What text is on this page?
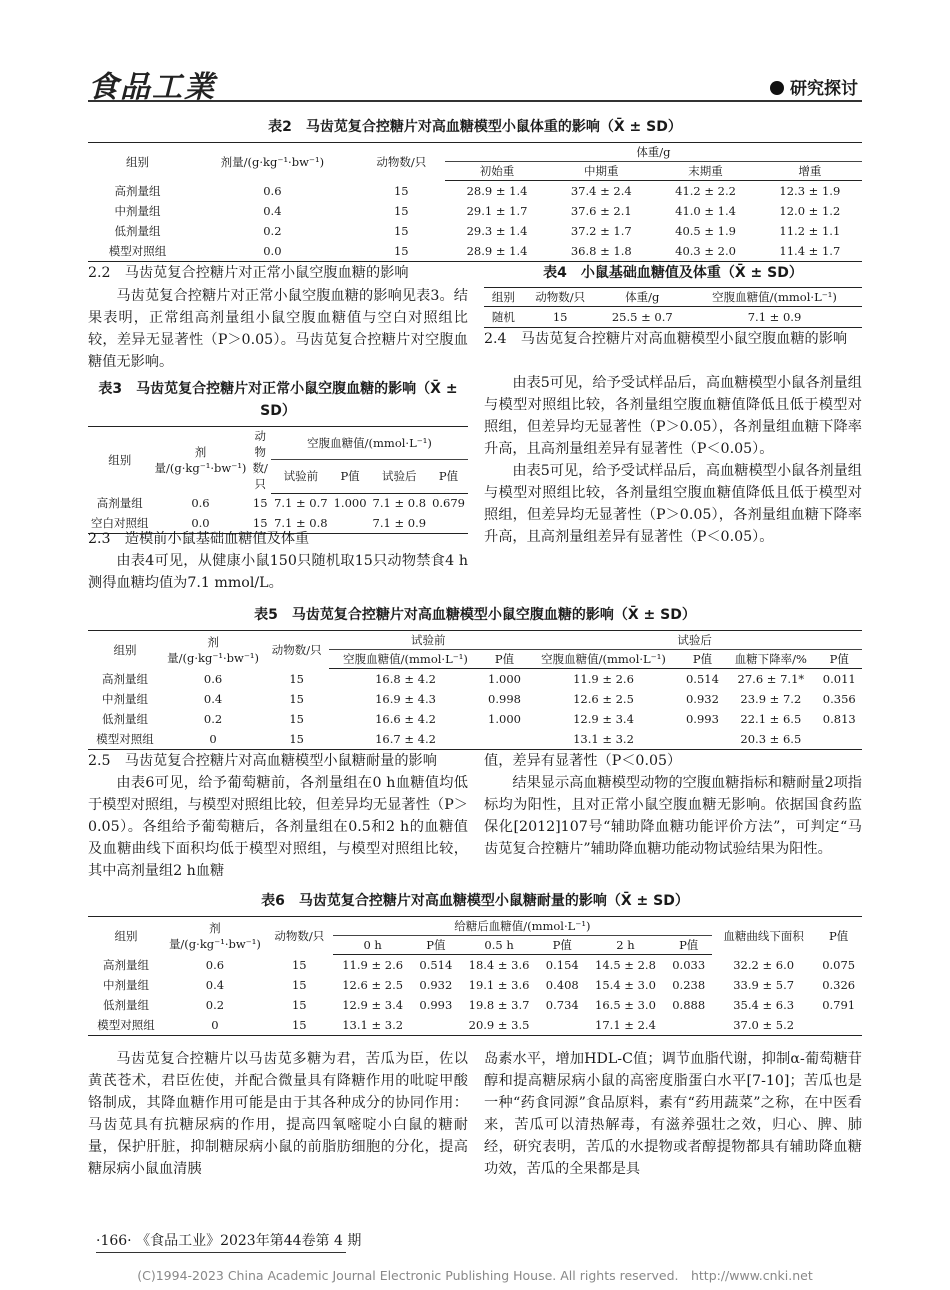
食品工業	研究探讨
表2　马齿苋复合控糖片对高血糖模型小鼠体重的影响（X̄ ± SD）
组别	剂量/(g·kg⁻¹·bw⁻¹)	动物数/只	体重/g			
			初始重	中期重	末期重	增重
高剂量组	0.6	15	28.9 ± 1.4	37.4 ± 2.4	41.2 ± 2.2	12.3 ± 1.9
中剂量组	0.4	15	29.1 ± 1.7	37.6 ± 2.1	41.0 ± 1.4	12.0 ± 1.2
低剂量组	0.2	15	29.3 ± 1.4	37.2 ± 1.7	40.5 ± 1.9	11.2 ± 1.1
模型对照组	0.0	15	28.9 ± 1.4	36.8 ± 1.8	40.3 ± 2.0	11.4 ± 1.7
2.2　马齿苋复合控糖片对正常小鼠空腹血糖的影响

马齿苋复合控糖片对正常小鼠空腹血糖的影响见表3。结果表明，正常组高剂量组小鼠空腹血糖值与空白对照组比较，差异无显著性（P＞0.05）。马齿苋复合控糖片对空腹血糖值无影响。

表3　马齿苋复合控糖片对正常小鼠空腹血糖的影响（X̄ ± SD）
组别	剂量/(g·kg⁻¹·bw⁻¹)	动物数/只	空腹血糖值/(mmol·L⁻¹)			
			试验前	P值	试验后	P值
高剂量组	0.6	15	7.1 ± 0.7	1.000	7.1 ± 0.8	0.679
空白对照组	0.0	15	7.1 ± 0.8		7.1 ± 0.9	
2.3　造模前小鼠基础血糖值及体重

由表4可见，从健康小鼠150只随机取15只动物禁食4 h测得血糖均值为7.1 mmol/L。

表4　小鼠基础血糖值及体重（X̄ ± SD）
组别	动物数/只	体重/g	空腹血糖值/(mmol·L⁻¹)
随机	15	25.5 ± 0.7	7.1 ± 0.9
2.4　马齿苋复合控糖片对高血糖模型小鼠空腹血糖的影响

由表5可见，给予受试样品后，高血糖模型小鼠各剂量组与模型对照组比较，各剂量组空腹血糖值降低且低于模型对照组，但差异均无显著性（P＞0.05），各剂量组血糖下降率升高，且高剂量组差异有显著性（P＜0.05）。

由表5可见，给予受试样品后，高血糖模型小鼠各剂量组与模型对照组比较，各剂量组空腹血糖值降低且低于模型对照组，但差异均无显著性（P＞0.05），各剂量组血糖下降率升高，且高剂量组差异有显著性（P＜0.05）。

表5　马齿苋复合控糖片对高血糖模型小鼠空腹血糖的影响（X̄ ± SD）
组别	剂量/(g·kg⁻¹·bw⁻¹)	动物数/只	试验前		试验后			
			空腹血糖值/(mmol·L⁻¹)	P值	空腹血糖值/(mmol·L⁻¹)	P值	血糖下降率/%	P值
高剂量组	0.6	15	16.8 ± 4.2	1.000	11.9 ± 2.6	0.514	27.6 ± 7.1*	0.011
中剂量组	0.4	15	16.9 ± 4.3	0.998	12.6 ± 2.5	0.932	23.9 ± 7.2	0.356
低剂量组	0.2	15	16.6 ± 4.2	1.000	12.9 ± 3.4	0.993	22.1 ± 6.5	0.813
模型对照组	0	15	16.7 ± 4.2		13.1 ± 3.2		20.3 ± 6.5	
2.5　马齿苋复合控糖片对高血糖模型小鼠糖耐量的影响

由表6可见，给予葡萄糖前，各剂量组在0 h血糖值均低于模型对照组，与模型对照组比较，但差异均无显著性（P＞0.05）。各组给予葡萄糖后，各剂量组在0.5和2 h的血糖值及血糖曲线下面积均低于模型对照组，与模型对照组比较，其中高剂量组2 h血糖

值，差异有显著性（P＜0.05）

结果显示高血糖模型动物的空腹血糖指标和糖耐量2项指标均为阳性，且对正常小鼠空腹血糖无影响。依据国食药监保化[2012]107号“辅助降血糖功能评价方法”，可判定“马齿苋复合控糖片”辅助降血糖功能动物试验结果为阳性。

表6　马齿苋复合控糖片对高血糖模型小鼠糖耐量的影响（X̄ ± SD）
组别	剂量/(g·kg⁻¹·bw⁻¹)	动物数/只	给糖后血糖值/(mmol·L⁻¹)						血糖曲线下面积	P值
			0 h	P值	0.5 h	P值	2 h	P值		
高剂量组	0.6	15	11.9 ± 2.6	0.514	18.4 ± 3.6	0.154	14.5 ± 2.8	0.033	32.2 ± 6.0	0.075
中剂量组	0.4	15	12.6 ± 2.5	0.932	19.1 ± 3.6	0.408	15.4 ± 3.0	0.238	33.9 ± 5.7	0.326
低剂量组	0.2	15	12.9 ± 3.4	0.993	19.8 ± 3.7	0.734	16.5 ± 3.0	0.888	35.4 ± 6.3	0.791
模型对照组	0	15	13.1 ± 3.2		20.9 ± 3.5		17.1 ± 2.4		37.0 ± 5.2	

马齿苋复合控糖片以马齿苋多糖为君，苦瓜为臣，佐以黄芪苍术，君臣佐使，并配合微量具有降糖作用的吡啶甲酸铬制成，其降血糖作用可能是由于其各种成分的协同作用：马齿苋具有抗糖尿病的作用，提高四氧嘧啶小白鼠的糖耐量，保护肝脏，抑制糖尿病小鼠的前脂肪细胞的分化，提高糖尿病小鼠血清胰

岛素水平，增加HDL-C值；调节血脂代谢，抑制α-葡萄糖苷醇和提高糖尿病小鼠的高密度脂蛋白水平[7-10]；苦瓜也是一种“药食同源”食品原料，素有“药用蔬菜”之称，在中医看来，苦瓜可以清热解毒，有滋养强壮之效，归心、脾、肺经，研究表明，苦瓜的水提物或者醇提物都具有辅助降血糖功效，苦瓜的全果都是具
·166· 《食品工业》2023年第44卷第 4 期
(C)1994-2023 China Academic Journal Electronic Publishing House. All rights reserved.　http://www.cnki.net
